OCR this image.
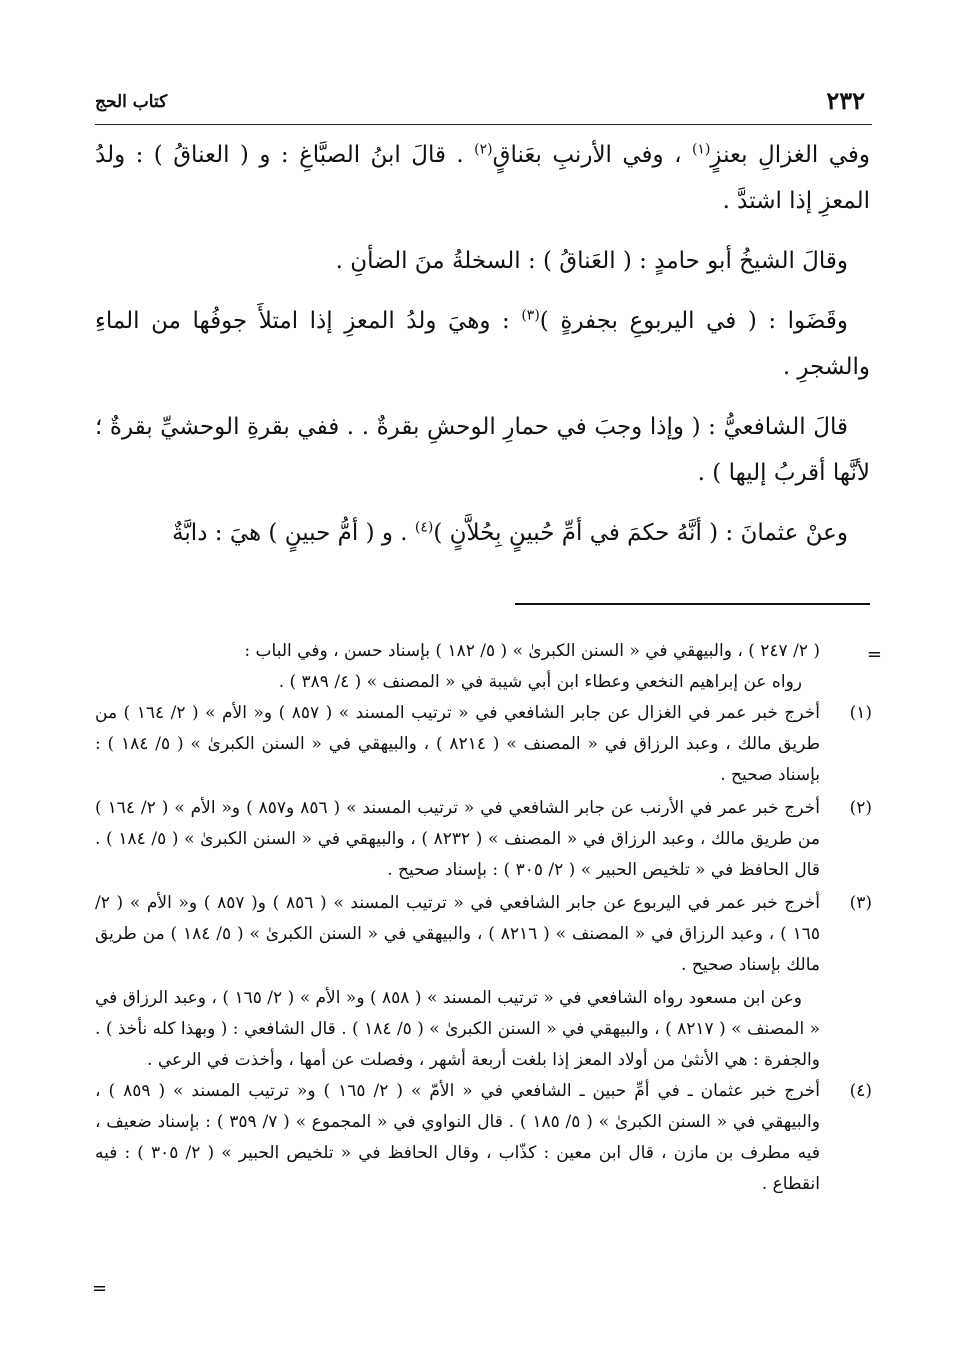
٢٣٢
كتاب الحج

وفي الغزالِ بعنزٍ$^{(١)}$ ، وفي الأرنبِ بعَناقٍ$^{(٢)}$ . قالَ ابنُ الصبَّاغِ : و ( العناقُ ) : ولدُ المعزِ إذا اشتدَّ .

وقالَ الشيخُ أبو حامدٍ : ( العَناقُ ) : السخلةُ منَ الضأنِ .

وقَضَوا : ( في اليربوعِ بجفرةٍ )$^{(٣)}$ : وهيَ ولدُ المعزِ إذا امتلأَ جوفُها من الماءِ والشجرِ .

قالَ الشافعيُّ : ( وإذا وجبَ في حمارِ الوحشِ بقرةٌ . . ففي بقرةِ الوحشيِّ بقرةٌ ؛ لأنَّها أقربُ إليها ) .

وعنْ عثمانَ : ( أنَّهُ حكمَ في أمِّ حُبينٍ بِحُلاَّنٍ )$^{(٤)}$ . و ( أمُّ حبينٍ ) هيَ : دابَّةٌ

=
( ٢/ ٢٤٧ ) ، والبيهقي في « السنن الكبرىٰ » ( ٥/ ١٨٢ ) بإسناد حسن ، وفي الباب :
رواه عن إبراهيم النخعي وعطاء ابن أبي شيبة في « المصنف » ( ٤/ ٣٨٩ ) .
(١)
أخرج خبر عمر في الغزال عن جابر الشافعي في « ترتيب المسند » ( ٨٥٧ ) و« الأم » ( ٢/ ١٦٤ ) من طريق مالك ، وعبد الرزاق في « المصنف » ( ٨٢١٤ ) ، والبيهقي في « السنن الكبرىٰ » ( ٥/ ١٨٤ ) : بإسناد صحيح .
(٢)
أخرج خبر عمر في الأرنب عن جابر الشافعي في « ترتيب المسند » ( ٨٥٦ و٨٥٧ ) و« الأم » ( ٢/ ١٦٤ ) من طريق مالك ، وعبد الرزاق في « المصنف » ( ٨٢٣٢ ) ، والبيهقي في « السنن الكبرىٰ » ( ٥/ ١٨٤ ) . قال الحافظ في « تلخيص الحبير » ( ٢/ ٣٠٥ ) : بإسناد صحيح .
(٣)
أخرج خبر عمر في اليربوع عن جابر الشافعي في « ترتيب المسند » ( ٨٥٦ ) و( ٨٥٧ ) و« الأم » ( ٢/ ١٦٥ ) ، وعبد الرزاق في « المصنف » ( ٨٢١٦ ) ، والبيهقي في « السنن الكبرىٰ » ( ٥/ ١٨٤ ) من طريق مالك بإسناد صحيح .
وعن ابن مسعود رواه الشافعي في « ترتيب المسند » ( ٨٥٨ ) و« الأم » ( ٢/ ١٦٥ ) ، وعبد الرزاق في « المصنف » ( ٨٢١٧ ) ، والبيهقي في « السنن الكبرىٰ » ( ٥/ ١٨٤ ) . قال الشافعي : ( وبهذا كله نأخذ ) . والجفرة : هي الأنثىٰ من أولاد المعز إذا بلغت أربعة أشهر ، وفصلت عن أمها ، وأخذت في الرعي .
(٤)
أخرج خبر عثمان ـ في أمِّ حبين ـ الشافعي في « الأمّ » ( ٢/ ١٦٥ ) و« ترتيب المسند » ( ٨٥٩ ) ، والبيهقي في « السنن الكبرىٰ » ( ٥/ ١٨٥ ) . قال النواوي في « المجموع » ( ٧/ ٣٥٩ ) : بإسناد ضعيف ، فيه مطرف بن مازن ، قال ابن معين : كذّاب ، وقال الحافظ في « تلخيص الحبير » ( ٢/ ٣٠٥ ) : فيه انقطاع .
=
